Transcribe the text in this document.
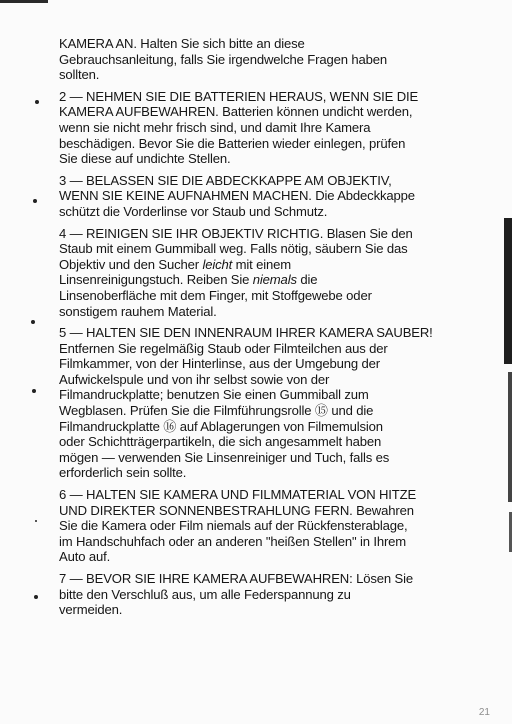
KAMERA AN. Halten Sie sich bitte an diese
Gebrauchsanleitung, falls Sie irgendwelche Fragen haben
sollten.

2 — NEHMEN SIE DIE BATTERIEN HERAUS, WENN SIE DIE
KAMERA AUFBEWAHREN. Batterien können undicht werden,
wenn sie nicht mehr frisch sind, und damit Ihre Kamera
beschädigen. Bevor Sie die Batterien wieder einlegen, prüfen
Sie diese auf undichte Stellen.

3 — BELASSEN SIE DIE ABDECKKAPPE AM OBJEKTIV,
WENN SIE KEINE AUFNAHMEN MACHEN. Die Abdeckkappe
schützt die Vorderlinse vor Staub und Schmutz.

4 — REINIGEN SIE IHR OBJEKTIV RICHTIG. Blasen Sie den
Staub mit einem Gummiball weg. Falls nötig, säubern Sie das
Objektiv und den Sucher leicht mit einem
Linsenreinigungstuch. Reiben Sie niemals die
Linsenoberfläche mit dem Finger, mit Stoffgewebe oder
sonstigem rauhem Material.

5 — HALTEN SIE DEN INNENRAUM IHRER KAMERA SAUBER!
Entfernen Sie regelmäßig Staub oder Filmteilchen aus der
Filmkammer, von der Hinterlinse, aus der Umgebung der
Aufwickelspule und von ihr selbst sowie von der
Filmandruckplatte; benutzen Sie einen Gummiball zum
Wegblasen. Prüfen Sie die Filmführungsrolle ⑮ und die
Filmandruckplatte ⑯ auf Ablagerungen von Filmemulsion
oder Schichtträgerpartikeln, die sich angesammelt haben
mögen — verwenden Sie Linsenreiniger und Tuch, falls es
erforderlich sein sollte.

6 — HALTEN SIE KAMERA UND FILMMATERIAL VON HITZE
UND DIREKTER SONNENBESTRAHLUNG FERN. Bewahren
Sie die Kamera oder Film niemals auf der Rückfensterablage,
im Handschuhfach oder an anderen "heißen Stellen" in Ihrem
Auto auf.

7 — BEVOR SIE IHRE KAMERA AUFBEWAHREN: Lösen Sie
bitte den Verschluß aus, um alle Federspannung zu
vermeiden.

21
